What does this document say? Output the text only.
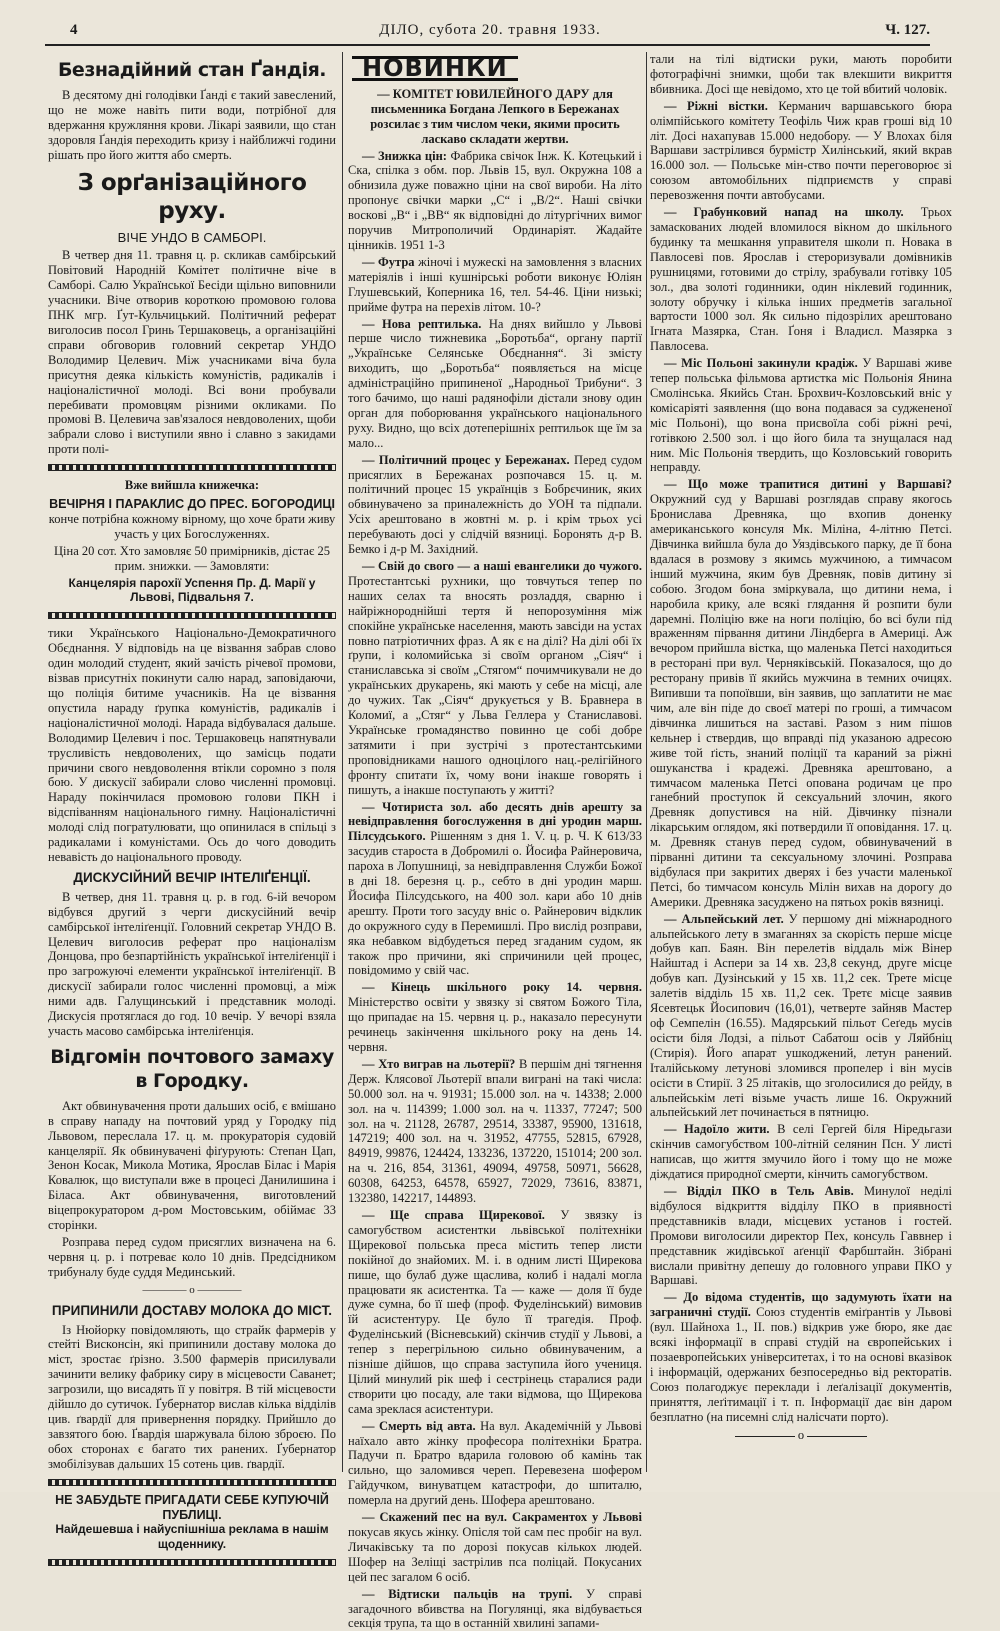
4	ДІЛО, субота 20. травня 1933.	Ч. 127.
Безнадійний стан Ґандія.

В десятому дні голодівки Ґанді є такий завеслений, що не може навіть пити води, потрібної для вдержання кружляння крови. Лікарі заявили, що стан здоровля Ґандія переходить кризу і найближчі години рішать про його життя або смерть.

З орґанізаційного руху.
ВІЧЕ УНДО В САМБОРІ.

В четвер дня 11. травня ц. р. скликав самбірський Повітовий Народній Комітет політичне віче в Самборі. Салю Української Бесіди щільно виповнили учасники. Віче отворив короткою промовою голова ПНК мгр. Ґут-Кульчицький. Політичний реферат виголосив посол Гринь Тершаковець, а організаційні справи обговорив головний секретар УНДО Володимир Целевич. Між учасниками віча була присутня деяка кількість комуністів, радикалів і націоналістичної молоді. Всі вони пробували перебивати промовцям різними окликами. По промові В. Целевича зав'язалося невдоволених, щоби забрали слово і виступили явно і славно з закидами проти полі-

Вже вийшла книжечка:

ВЕЧІРНЯ І ПАРАКЛИС ДО ПРЕС. БОГОРОДИЦІ

конче потрібна кожному вірному, що хоче брати живу участь у цих Богослуженнях.

Ціна 20 сот. Хто замовляє 50 примірників, дістає 25 прим. знижки. — Замовляти:

Канцелярія парохії Успення Пр. Д. Марії у Львові, Підвальня 7.

тики Українського Національно-Демократичного Обєднання. У відповідь на це візвання забрав слово один молодий студент, який зачість річевої промови, візвав присутніх покинути салю нарад, заповідаючи, що поліція битиме учасників. На це візвання опустила нараду ґрупка комуністів, радикалів і націоналістичної молоді. Нарада відбувалася дальше. Володимир Целевич і пос. Тершаковець напятнували трусливість невдоволених, що замісць подати причини свого невдоволення втікли соромно з поля бою. У дискусії забирали слово численні промовці. Нараду покінчилася промовою голови ПКН і відспіванням національного гимну. Націоналістичні молоді слід погратулювати, що опинилася в спільці з радикалами і комуністами. Ось до чого доводить невавість до національного проводу.

ДИСКУСІЙНИЙ ВЕЧІР ІНТЕЛІҐЕНЦІЇ.

В четвер, дня 11. травня ц. р. в год. 6-ій вечором відбувся другий з черги дискусійний вечір самбірської інтеліґенції. Головний секретар УНДО В. Целевич виголосив реферат про націоналізм Донцова, про безпартійність української інтеліґенції і про загрожуючі елементи української інтеліґенції. В дискусії забирали голос численні промовці, а між ними адв. Галущинський і представник молоді. Дискусія протяглася до год. 10 вечір. У вечорі взяла участь масово самбірська інтеліґенція.

Відгомін почтового замаху в Городку.

Акт обвинувачення проти дальших осіб, є вмішано в справу нападу на почтовий уряд у Городку під Львовом, переслала 17. ц. м. прокураторія судовій канцелярії. Як обвинувачені фіґурують: Степан Цап, Зенон Косак, Микола Мотика, Ярослав Білас і Марія Ковалюк, що виступали вже в процесі Данилишина і Біласа. Акт обвинувачення, виготовлений віцепрокуратором д-ром Мостовським, обіймає 33 сторінки.

Розправа перед судом присяглих визначена на 6. червня ц. р. і потреває коло 10 днів. Предсідником трибуналу буде суддя Мединський.

———— o ————
ПРИПИНИЛИ ДОСТАВУ МОЛОКА ДО МІСТ.

Із Нюйорку повідомляють, що страйк фармерів у стейті Висконсін, які припинили доставу молока до міст, зростає ґрізно. 3.500 фармерів присилували зачинити велику фабрику сиру в місцевости Саванет; загрозили, що висадять її у повітря. В тій місцевости дійшло до сутичок. Ґубернатор вислав кілька відділів цив. ґвардії для привернення порядку. Прийшло до завзятого бою. Ґвардія шаржувала білою зброєю. По обох сторонах є багато тих ранених. Ґубернатор змобілізував дальших 15 сотень цив. ґвардії.

НЕ ЗАБУДЬТЕ ПРИГАДАТИ СЕБЕ КУПУЮЧІЙ ПУБЛИЦІ.

Найдешевша і найуспішніша реклама в нашім щоденнику.

НОВИНКИ

— КОМІТЕТ ЮВИЛЕЙНОГО ДАРУ для письменника Богдана Лепкого в Бережанах розсилає з тим числом чеки, якими просить ласкаво складати жертви.

— Знижка цін: Фабрика свічок Інж. К. Котецький і Ска, спілка з обм. пор. Львів 15, вул. Окружна 108 а обнизила дуже поважно ціни на свої вироби. На літо пропонує свічки марки „С“ і „В/2“. Наші свічки воскові „В“ і „ВВ“ як відповідні до літургічних вимог поручив Митрополичий Ординаріят. Жадайте цінників. 1951 1-3

— Футра жіночі і мужескі на замовлення з власних матеріялів і інші кушнірські роботи виконує Юліян Глушевський, Коперника 16, тел. 54-46. Ціни низькі; прийме футра на перехів літом. 10-?

— Нова рептилька. На днях вийшло у Львові перше число тижневика „Боротьба“, органу партії „Українське Селянське Обєднання“. Зі змісту виходить, що „Боротьба“ появляється на місце адміністраційно припиненої „Народньої Трибуни“. З того бачимо, що наші радянофіли дістали знову один орган для поборювання українського національного руху. Видно, що всіх дотеперішніх рептильок ще їм за мало...

— Політичний процес у Бережанах. Перед судом присяглих в Бережанах розпочався 15. ц. м. політичний процес 15 українців з Бобрєчиник, яких обвинувачено за приналежність до УОН та підпали. Усіх арештовано в жовтні м. р. і крім трьох усі перебувають досі у слідчій вязниці. Боронять д-р В. Бемко і д-р М. Західний.

— Свій до свого — а наші евангелики до чужого. Протестантські рухники, що товчуться тепер по наших селах та вносять розладдя, сварню і найріжнороднійші тертя й непорозуміння між спокійне українське населення, мають завсіди на устах повно патріотичних фраз. А як є на ділі? На ділі обі їх ґрупи, і коломийська зі своїм органом „Сіяч“ і станиславська зі своїм „Стягом“ почимчикували не до українських друкарень, які мають у себе на місці, але до чужих. Так „Сіяч“ друкується у В. Бравнера в Коломиї, а „Стяг“ у Льва Геллера у Станиславові. Українське громадянство повинно це собі добре затямити і при зустрічі з протестантськими проповідниками нашого одноцілого нац.-релігійного фронту спитати їх, чому вони інакше говорять і пишуть, а інакше поступають у житті?

— Чотириста зол. або десять днів арешту за невідправлення богослуження в дні уродин марш. Пілсудського. Рішенням з дня 1. V. ц. р. Ч. К 613/33 засудив староста в Добромилі о. Йосифа Райнеровича, пароха в Лопушниці, за невідправлення Служби Божої в дні 18. березня ц. р., себто в дні уродин марш. Йосифа Пілсудського, на 400 зол. кари або 10 днів арешту. Проти того засуду вніс о. Райнерович відклик до окружного суду в Перемишлі. Про вислід розправи, яка небавком відбудеться перед згаданим судом, як також про причини, які спричинили цей процес, повідомимо у свій час.

— Кінець шкільного року 14. червня. Міністерство освіти у звязку зі святом Божого Тіла, що припадає на 15. червня ц. р., наказало пересунути речинець закінчення шкільного року на день 14. червня.

— Хто виграв на льотерії? В першім дні тягнення Держ. Клясової Льотерії впали виграні на такі числа: 50.000 зол. на ч. 91931; 15.000 зол. на ч. 14338; 2.000 зол. на ч. 114399; 1.000 зол. на ч. 11337, 77247; 500 зол. на ч. 21128, 26787, 29514, 33387, 95900, 131618, 147219; 400 зол. на ч. 31952, 47755, 52815, 67928, 84919, 99876, 124424, 133236, 137220, 151014; 200 зол. на ч. 216, 854, 31361, 49094, 49758, 50971, 56628, 60308, 64253, 64578, 65927, 72029, 73616, 83871, 132380, 142217, 144893.

— Ще справа Щирекової. У звязку із самогубством асистентки львівської політехніки Щирекової польська преса містить тепер листи покійної до знайомих. М. і. в одним листі Щирекова пише, що булаб дуже щаслива, колиб і надалі могла працювати як асистентка. Та — каже — доля її буде дуже сумна, бо її шеф (проф. Фуделінський) вимовив їй асистентуру. Це було її трагедія. Проф. Фуделінський (Вісневський) скінчив студії у Львові, а тепер з перегрільною сильно обвинуваченим, а пізніше дійшов, що справа заступила його учениця. Цілий минулий рік шеф і сестрінець старалися ради створити цю посаду, але таки відмова, що Щирекова сама зреклася асистентури.

— Смерть від авта. На вул. Академічній у Львові наїхало авто жінку професора політехніки Братра. Падучи п. Братро вдарила головою об камінь так сильно, що заломився череп. Перевезена шофером Гайдучком, винуватцем катастрофи, до шпиталю, померла на другий день. Шофера арештовано.

— Скажений пес на вул. Сакраментох у Львові покусав якусь жінку. Опісля той сам пес пробіг на вул. Личаківську та по дорозі покусав кількох людей. Шофер на Зеліщі застрілив пса поліцай. Покусаних цей пес загалом 6 осіб.

— Відтиски пальців на трупі. У справі загадочного вбивства на Погулянці, яка відбувається секція трупа, та що в останній хвилині запами-

тали на тілі відтиски руки, мають поробити фотографічні знимки, щоби так влекшити викриття вбивника. Досі ще невідомо, хто це той вбитий чоловік.

— Ріжні вістки. Керманич варшавського бюра олімпійського комітету Теофіль Чиж крав гроші від 10 літ. Досі нахапував 15.000 недобору. — У Влохах біля Варшави застрілився бурмістр Хилінський, який вкрав 16.000 зол. — Польське мін-ство почти переговорює зі союзом автомобільних підприємств у справі перевозження почти автобусами.

— Грабунковий напад на школу. Трьох замаскованих людей вломилося вікном до шкільного будинку та мешкання управителя школи п. Новака в Павлосеві пов. Ярослав і стероризували домівників рушницями, готовими до стрілу, зрабували готівку 105 зол., два золоті годинники, один ніклевий годинник, золоту обручку і кілька інших предметів загальної вартости 1000 зол. Як сильно підозрілих арештовано Ігната Мазярка, Стан. Ґоня і Владисл. Мазярка з Павлосева.

— Міс Польоні закинули крадіж. У Варшаві живе тепер польська фільмова артистка міс Польонія Янина Смолінська. Якийсь Стан. Брохвич-Козловський вніс у комісаріяті заявлення (що вона подавася за суджененої міс Польоні), що вона присвоїла собі ріжні речі, готівкою 2.500 зол. і що його била та знущалася над ним. Міс Польонія твердить, що Козловський говорить неправду.

— Що може трапитися дитині у Варшаві? Окружний суд у Варшаві розглядав справу якогось Бронислава Древняка, що вхопив доненку американського консуля Мк. Міліна, 4-літню Петсі. Дівчинка вийшла була до Уяздівського парку, де її бона вдалася в розмову з якимсь мужчиною, а тимчасом інший мужчина, яким був Древняк, повів дитину зі собою. Згодом бона зміркувала, що дитини нема, і наробила крику, але всякі глядання й розпити були даремні. Поліцію вже на ноги поліцію, бо всі були під враженням пірвання дитини Ліндберга в Америці. Аж вечором прийшла вістка, що маленька Петсі находиться в ресторані при вул. Черняківській. Показалося, що до ресторану привів її якийсь мужчина в темних очицях. Випивши та попоївши, він заявив, що заплатити не має чим, але він піде до своєї матері по гроші, а тимчасом дівчинка лишиться на заставі. Разом з ним пішов кельнер і ствердив, що вправді під указаною адресою живе той ґість, знаний поліції та караний за ріжні ошуканства і крадежі. Древняка арештовано, а тимчасом маленька Петсі опована родичам це про ганебний проступок й сексуальний злочин, якого Древняк допустився на ній. Дівчинку пізнали лікарським оглядом, які потвердили її оповідання. 17. ц. м. Древняк станув перед судом, обвинувачений в пірванні дитини та сексуальному злочині. Розправа відбулася при закритих дверях і без участи маленької Петсі, бо тимчасом консуль Мілін вихав на дорогу до Америки. Древняка засуджено на пятьох років вязниці.

— Альпейський лет. У першому дні міжнародного альпейського лету в змаганнях за скорість перше місце добув кап. Баян. Він перелетів віддаль між Вінер Найштад і Аспери за 14 хв. 23,8 секунд, друге місце добув кап. Дузінський у 15 хв. 11,2 сек. Трете місце залетів відділь 15 хв. 11,2 сек. Третє місце заявив Ясевтецьк Йосипович (16,01), четверте зайняв Мастер оф Семпелін (16.55). Мадярський пільот Сеґедь мусів осісти біля Лодзі, а пільот Сабатош осів у Ляйбніц (Стирія). Його апарат ушкоджений, летун ранений. Італійському летунові зломився пропелер і він мусів осісти в Стирії. З 25 літаків, що зголосилися до рейду, в альпейськім леті візьме участь лише 16. Окружний альпейський лет починається в пятницю.

— Надоїло жити. В селі Гергей біля Ніредьгази скінчив самогубством 100-літній селянин Псн. У листі написав, що життя змучило його і тому що не може діждатися природної смерти, кінчить самогубством.

— Відділ ПКО в Тель Авів. Минулої неділі відбулося відкриття відділу ПКО в приявності представників влади, місцевих установ і гостей. Промови виголосили директор Пех, консуль Гаввнер і представник жидівської аґенції Фарбштайн. Зібрані вислали привітну депешу до головного управи ПКО у Варшаві.

— До відома студентів, що задумують їхати на заграничні студії. Союз студентів еміґрантів у Львові (вул. Шайноха 1., II. пов.) відкрив уже бюро, яке дає всякі інформації в справі студій на європейських і позаевропейських університетах, і то на основі вказівок і інформацій, одержаних безпосередньо від ректоратів. Союз полагоджує переклади і леґалізації документів, приняття, леґітимації і т. п. Інформації дає він даром безплатно (на писемні слід налісчати порто).

o
